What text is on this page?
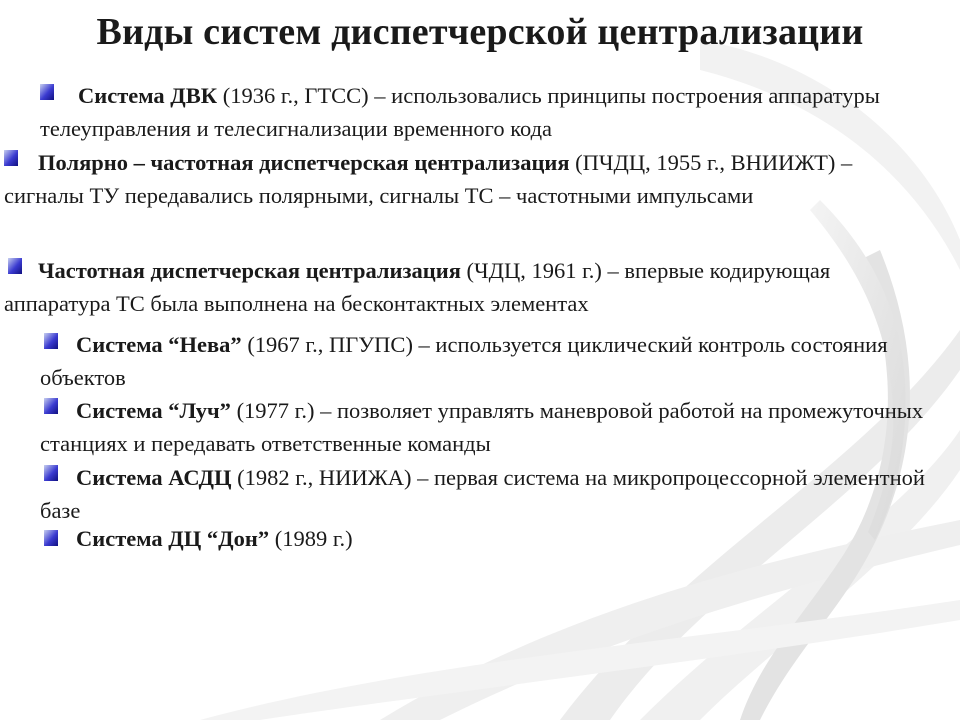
Виды систем диспетчерской централизации
Система ДВК (1936 г., ГТСС) – использовались принципы построения аппаратуры телеуправления и телесигнализации временного кода
Полярно – частотная диспетчерская централизация (ПЧДЦ, 1955 г., ВНИИЖТ) – сигналы ТУ передавались полярными, сигналы ТС – частотными импульсами
Частотная диспетчерская централизация (ЧДЦ, 1961 г.) – впервые кодирующая аппаратура ТС была выполнена на бесконтактных элементах
Система “Нева” (1967 г., ПГУПС) – используется циклический контроль состояния объектов
Система “Луч” (1977 г.) – позволяет управлять маневровой работой на промежуточных станциях и передавать ответственные команды
Система АСДЦ (1982 г., НИИЖА) – первая система на микропроцессорной элементной базе
Система ДЦ “Дон” (1989 г.)
